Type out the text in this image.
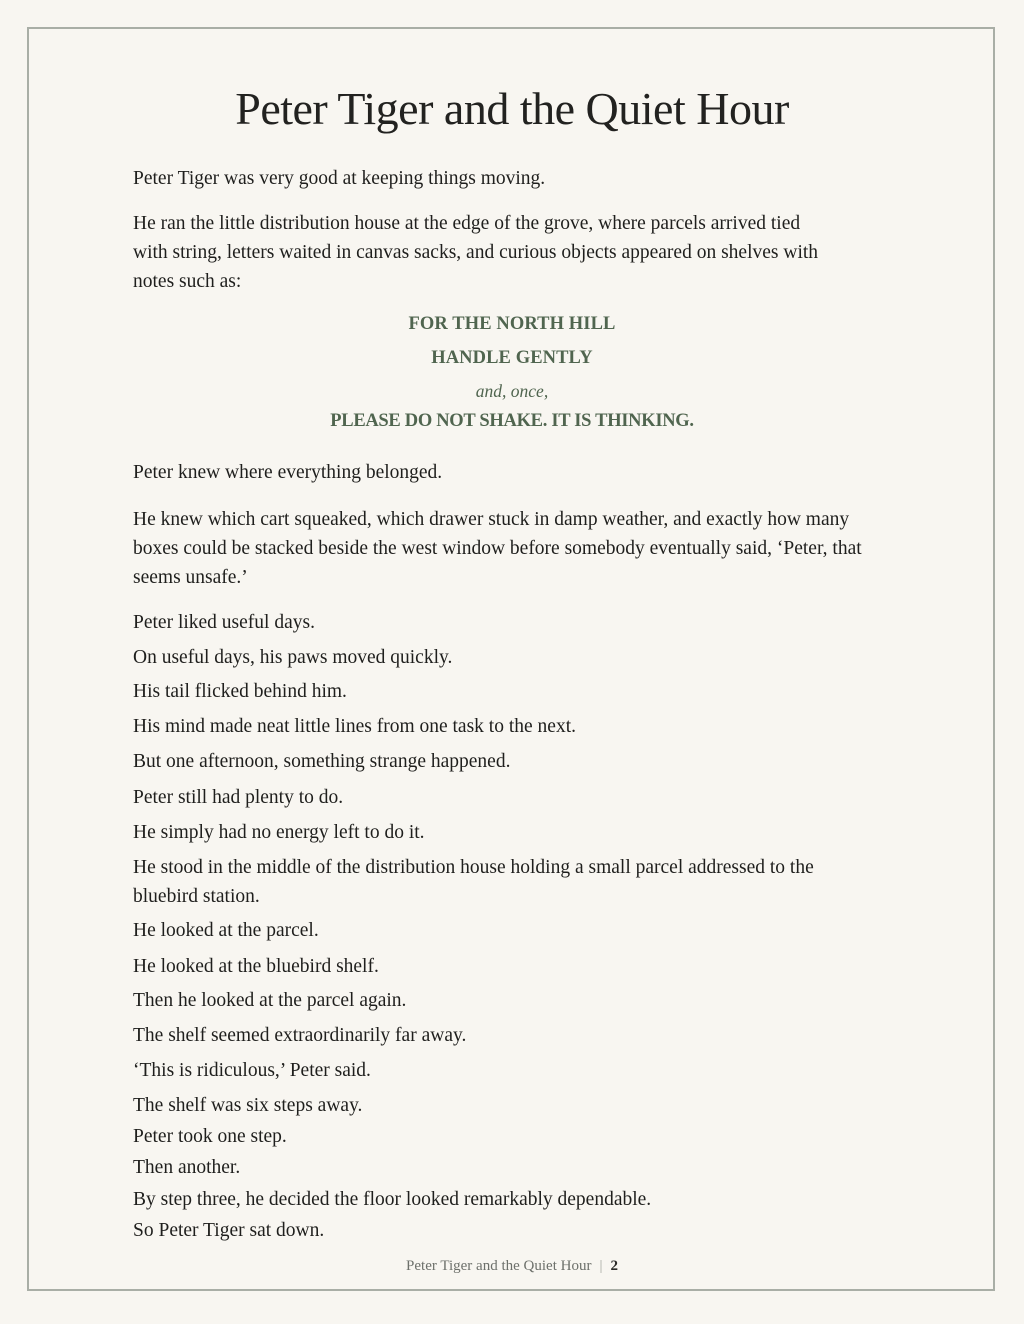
Peter Tiger and the Quiet Hour

Peter Tiger was very good at keeping things moving.

He ran the little distribution house at the edge of the grove, where parcels arrived tied with string, letters waited in canvas sacks, and curious objects appeared on shelves with notes such as:

FOR THE NORTH HILL

HANDLE GENTLY

and, once,

PLEASE DO NOT SHAKE. IT IS THINKING.

Peter knew where everything belonged.

He knew which cart squeaked, which drawer stuck in damp weather, and exactly how many boxes could be stacked beside the west window before somebody eventually said, ‘Peter, that seems unsafe.’

Peter liked useful days.

On useful days, his paws moved quickly.

His tail flicked behind him.

His mind made neat little lines from one task to the next.

But one afternoon, something strange happened.

Peter still had plenty to do.

He simply had no energy left to do it.

He stood in the middle of the distribution house holding a small parcel addressed to the bluebird station.

He looked at the parcel.

He looked at the bluebird shelf.

Then he looked at the parcel again.

The shelf seemed extraordinarily far away.

‘This is ridiculous,’ Peter said.

The shelf was six steps away.

Peter took one step.

Then another.

By step three, he decided the floor looked remarkably dependable.

So Peter Tiger sat down.

Peter Tiger and the Quiet Hour | 2
